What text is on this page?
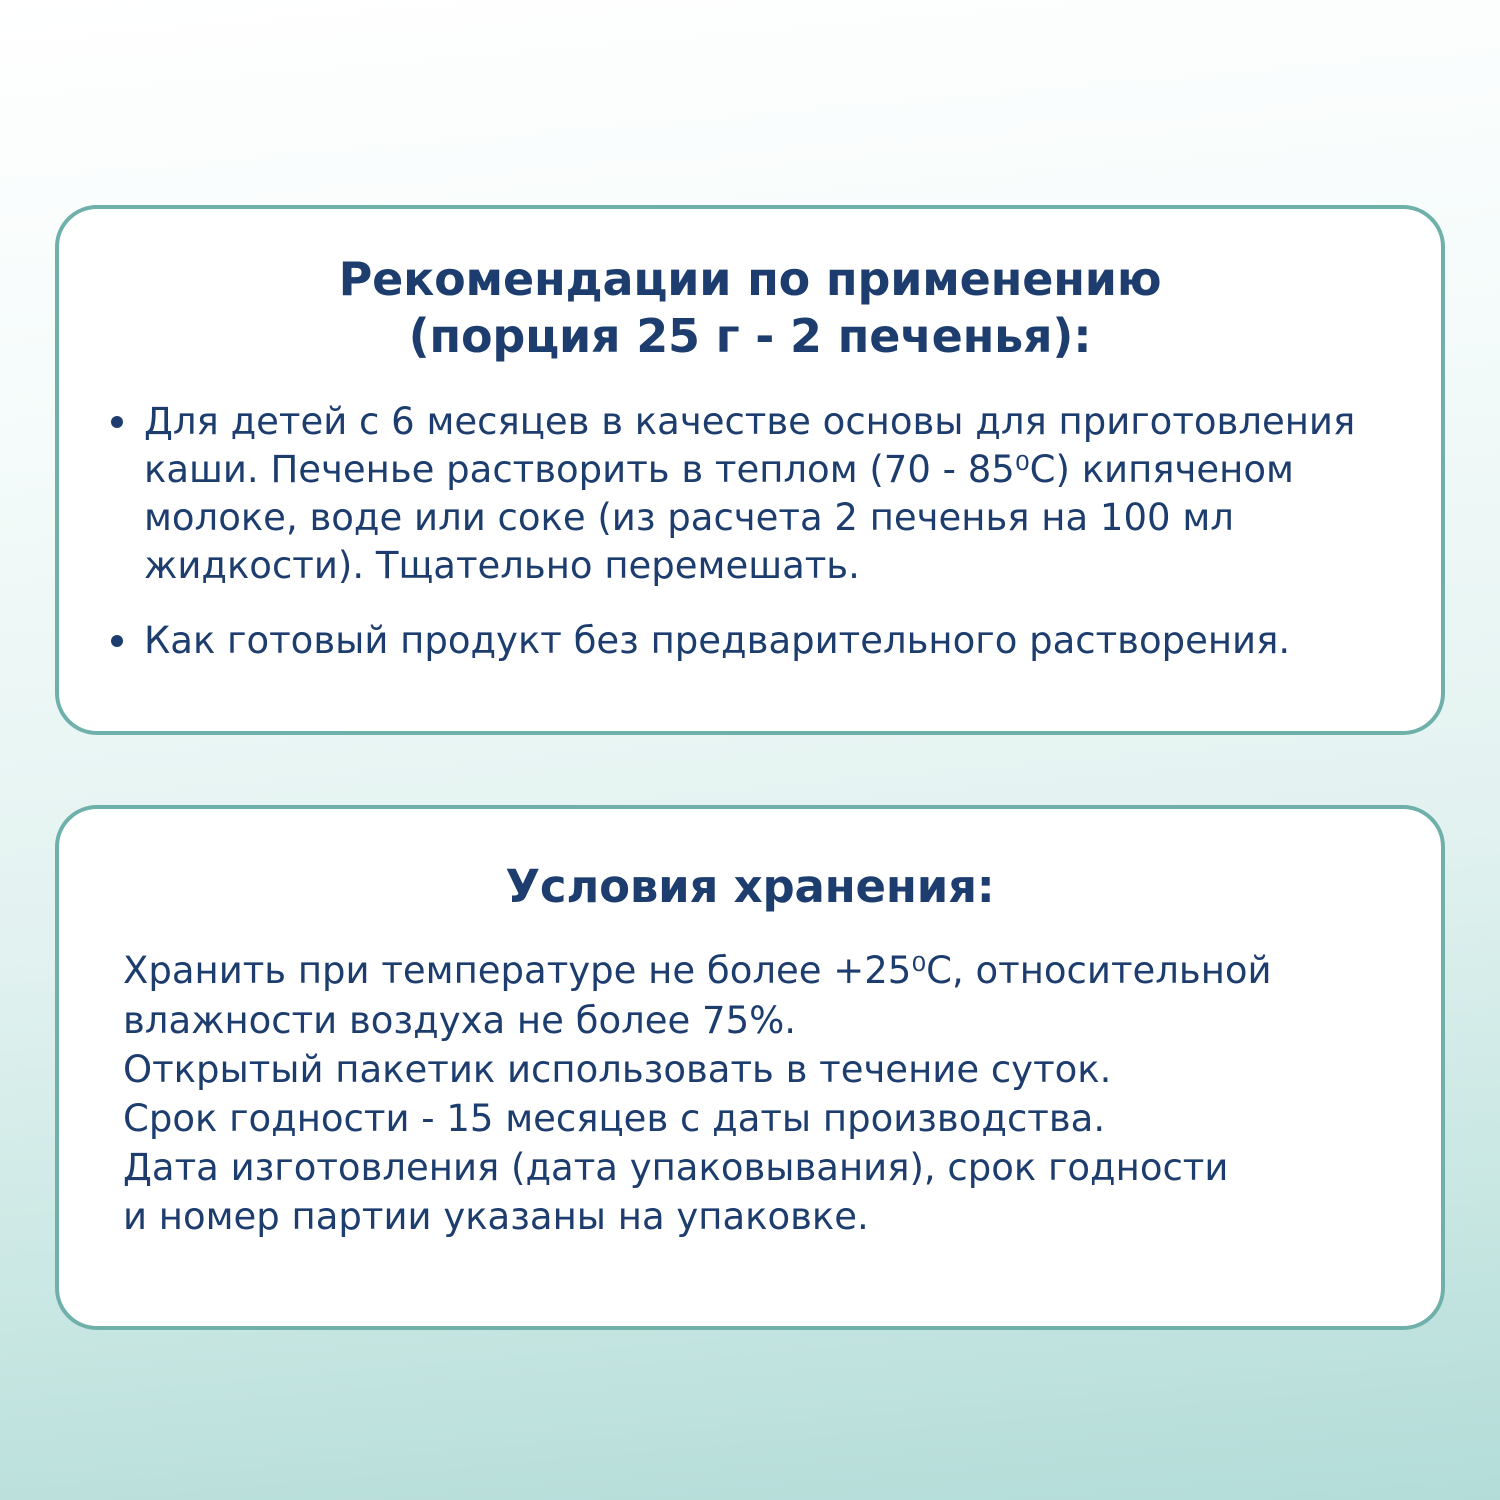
Рекомендации по применению
(порция 25 г - 2 печенья):
Для детей с 6 месяцев в качестве основы для приготовления каши. Печенье растворить в теплом (70 - 85⁰С) кипяченом молоке, воде или соке (из расчета 2 печенья на 100 мл жидкости). Тщательно перемешать.
Как готовый продукт без предварительного растворения.
Условия хранения:

Хранить при температуре не более +25⁰С, относительной
влажности воздуха не более 75%.
Открытый пакетик использовать в течение суток.
Срок годности - 15 месяцев с даты производства.
Дата изготовления (дата упаковывания), срок годности
и номер партии указаны на упаковке.
